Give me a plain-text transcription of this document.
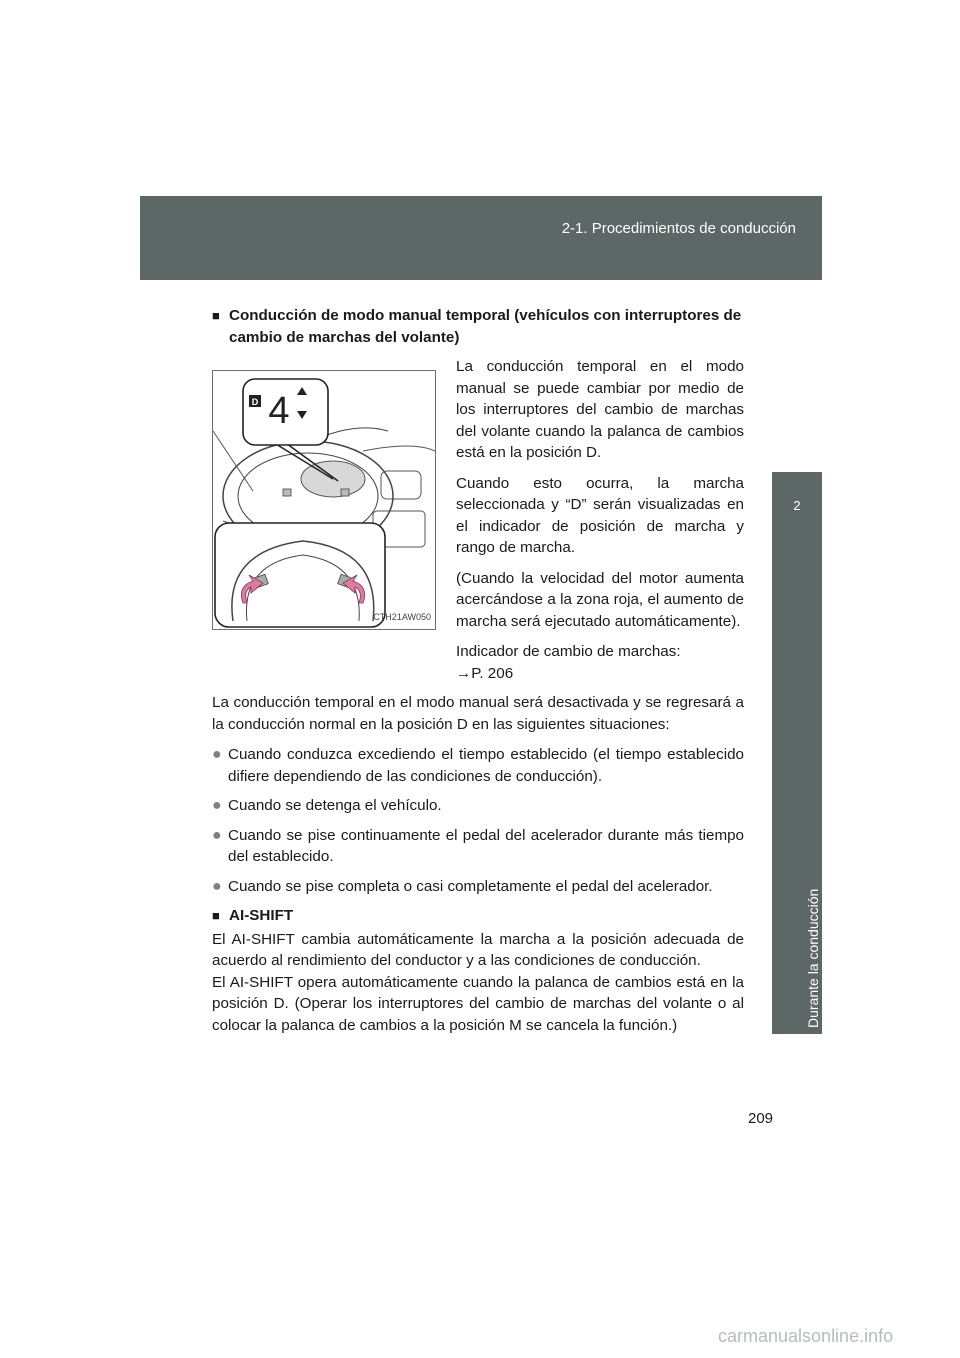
2-1. Procedimientos de conducción
2
Durante la conducción
■ Conducción de modo manual temporal (vehículos con interruptores de cambio de marchas del volante)
D 4
CTH21AW050

La conducción temporal en el modo manual se puede cambiar por medio de los interruptores del cambio de marchas del volante cuando la palanca de cambios está en la posición D.

Cuando esto ocurra, la marcha seleccionada y “D” serán visualizadas en el indicador de posición de marcha y rango de marcha.

(Cuando la velocidad del motor aumenta acercándose a la zona roja, el aumento de marcha será ejecutado automáticamente).

Indicador de cambio de marchas:
→P. 206

La conducción temporal en el modo manual será desactivada y se regresará a la conducción normal en la posición D en las siguientes situaciones:

● Cuando conduzca excediendo el tiempo establecido (el tiempo establecido difiere dependiendo de las condiciones de conducción).
● Cuando se detenga el vehículo.
● Cuando se pise continuamente el pedal del acelerador durante más tiempo del establecido.
● Cuando se pise completa o casi completamente el pedal del acelerador.
■ AI-SHIFT

El AI-SHIFT cambia automáticamente la marcha a la posición adecuada de acuerdo al rendimiento del conductor y a las condiciones de conducción.

El AI-SHIFT opera automáticamente cuando la palanca de cambios está en la posición D. (Operar los interruptores del cambio de marchas del volante o al colocar la palanca de cambios a la posición M se cancela la función.)

209
carmanualsonline.info
